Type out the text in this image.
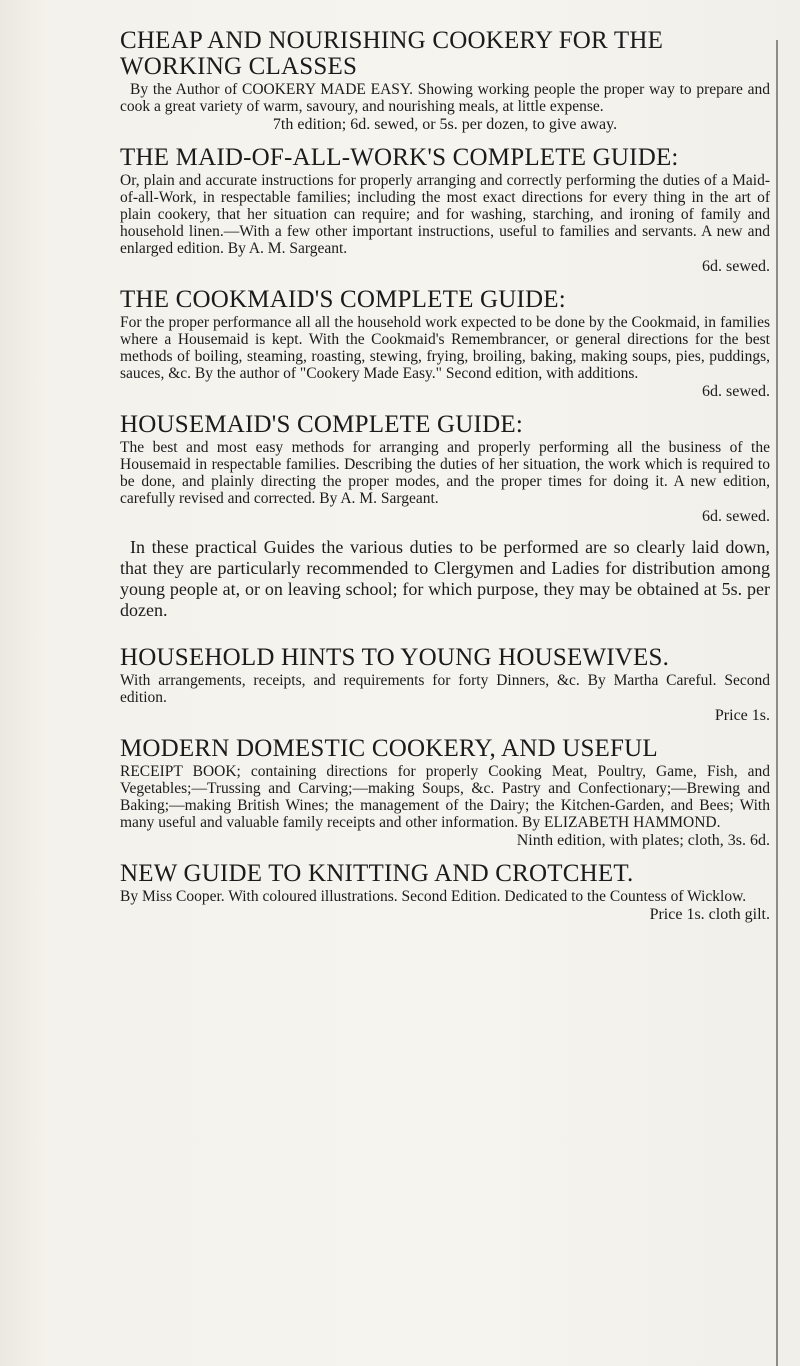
CHEAP AND NOURISHING COOKERY FOR THE WORKING CLASSES

By the Author of COOKERY MADE EASY. Showing working people the proper way to prepare and cook a great variety of warm, savoury, and nourishing meals, at little expense.

7th edition; 6d. sewed, or 5s. per dozen, to give away.

THE MAID-OF-ALL-WORK'S COMPLETE GUIDE:

Or, plain and accurate instructions for properly arranging and correctly performing the duties of a Maid-of-all-Work, in respectable families; including the most exact directions for every thing in the art of plain cookery, that her situation can require; and for washing, starching, and ironing of family and household linen.—With a few other important instructions, useful to families and servants. A new and enlarged edition. By A. M. Sargeant.

6d. sewed.

THE COOKMAID'S COMPLETE GUIDE:

For the proper performance all all the household work expected to be done by the Cookmaid, in families where a Housemaid is kept. With the Cookmaid's Remembrancer, or general directions for the best methods of boiling, steaming, roasting, stewing, frying, broiling, baking, making soups, pies, puddings, sauces, &c. By the author of "Cookery Made Easy." Second edition, with additions.

6d. sewed.

HOUSEMAID'S COMPLETE GUIDE:

The best and most easy methods for arranging and properly performing all the business of the Housemaid in respectable families. Describing the duties of her situation, the work which is required to be done, and plainly directing the proper modes, and the proper times for doing it. A new edition, carefully revised and corrected. By A. M. Sargeant.

6d. sewed.

In these practical Guides the various duties to be performed are so clearly laid down, that they are particularly recommended to Clergymen and Ladies for distribution among young people at, or on leaving school; for which purpose, they may be obtained at 5s. per dozen.

HOUSEHOLD HINTS TO YOUNG HOUSEWIVES.

With arrangements, receipts, and requirements for forty Dinners, &c. By Martha Careful. Second edition.

Price 1s.

MODERN DOMESTIC COOKERY, AND USEFUL

RECEIPT BOOK; containing directions for properly Cooking Meat, Poultry, Game, Fish, and Vegetables;—Trussing and Carving;—making Soups, &c. Pastry and Confectionary;—Brewing and Baking;—making British Wines; the management of the Dairy; the Kitchen-Garden, and Bees; With many useful and valuable family receipts and other information. By ELIZABETH HAMMOND.

Ninth edition, with plates; cloth, 3s. 6d.

NEW GUIDE TO KNITTING AND CROTCHET.

By Miss Cooper. With coloured illustrations. Second Edition. Dedicated to the Countess of Wicklow.

Price 1s. cloth gilt.
